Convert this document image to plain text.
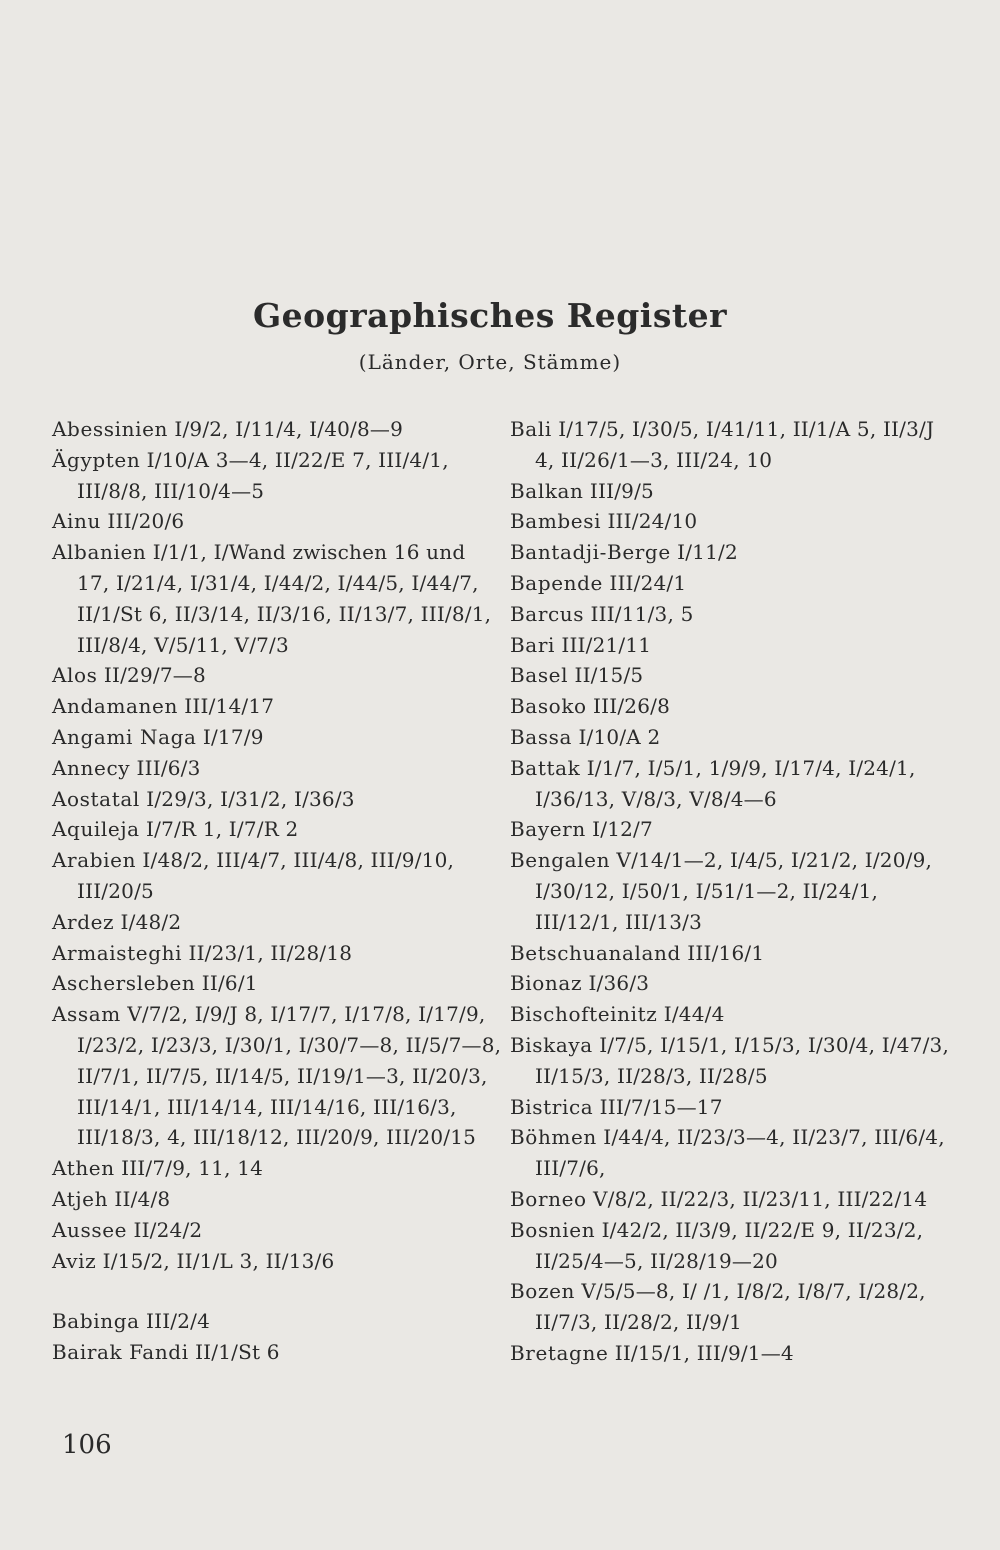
Geographisches Register
(Länder, Orte, Stämme)

Abessinien I/9/2, I/11/4, I/40/8—9

Ägypten I/10/A 3—4, II/22/E 7, III/4/1, III/8/8, III/10/4—5

Ainu III/20/6

Albanien I/1/1, I/Wand zwischen 16 und 17, I/21/4, I/31/4, I/44/2, I/44/5, I/44/7, II/1/St 6, II/3/14, II/3/16, II/13/7, III/8/1, III/8/4, V/5/11, V/7/3

Alos II/29/7—8

Andamanen III/14/17

Angami Naga I/17/9

Annecy III/6/3

Aostatal I/29/3, I/31/2, I/36/3

Aquileja I/7/R 1, I/7/R 2

Arabien I/48/2, III/4/7, III/4/8, III/9/10, III/20/5

Ardez I/48/2

Armaisteghi II/23/1, II/28/18

Aschersleben II/6/1

Assam V/7/2, I/9/J 8, I/17/7, I/17/8, I/17/9, I/23/2, I/23/3, I/30/1, I/30/7—8, II/5/7—8, II/7/1, II/7/5, II/14/5, II/19/1—3, II/20/3, III/14/1, III/14/14, III/14/16, III/16/3, III/18/3, 4, III/18/12, III/20/9, III/20/15

Athen III/7/9, 11, 14

Atjeh II/4/8

Aussee II/24/2

Aviz I/15/2, II/1/L 3, II/13/6

Babinga III/2/4

Bairak Fandi II/1/St 6

Bali I/17/5, I/30/5, I/41/11, II/1/A 5, II/3/J 4, II/26/1—3, III/24, 10

Balkan III/9/5

Bambesi III/24/10

Bantadji-Berge I/11/2

Bapende III/24/1

Barcus III/11/3, 5

Bari III/21/11

Basel II/15/5

Basoko III/26/8

Bassa I/10/A 2

Battak I/1/7, I/5/1, 1/9/9, I/17/4, I/24/1, I/36/13, V/8/3, V/8/4—6

Bayern I/12/7

Bengalen V/14/1—2, I/4/5, I/21/2, I/20/9, I/30/12, I/50/1, I/51/1—2, II/24/1, III/12/1, III/13/3

Betschuanaland III/16/1

Bionaz I/36/3

Bischofteinitz I/44/4

Biskaya I/7/5, I/15/1, I/15/3, I/30/4, I/47/3, II/15/3, II/28/3, II/28/5

Bistrica III/7/15—17

Böhmen I/44/4, II/23/3—4, II/23/7, III/6/4, III/7/6,

Borneo V/8/2, II/22/3, II/23/11, III/22/14

Bosnien I/42/2, II/3/9, II/22/E 9, II/23/2, II/25/4—5, II/28/19—20

Bozen V/5/5—8, I/ /1, I/8/2, I/8/7, I/28/2, II/7/3, II/28/2, II/9/1

Bretagne II/15/1, III/9/1—4

106
